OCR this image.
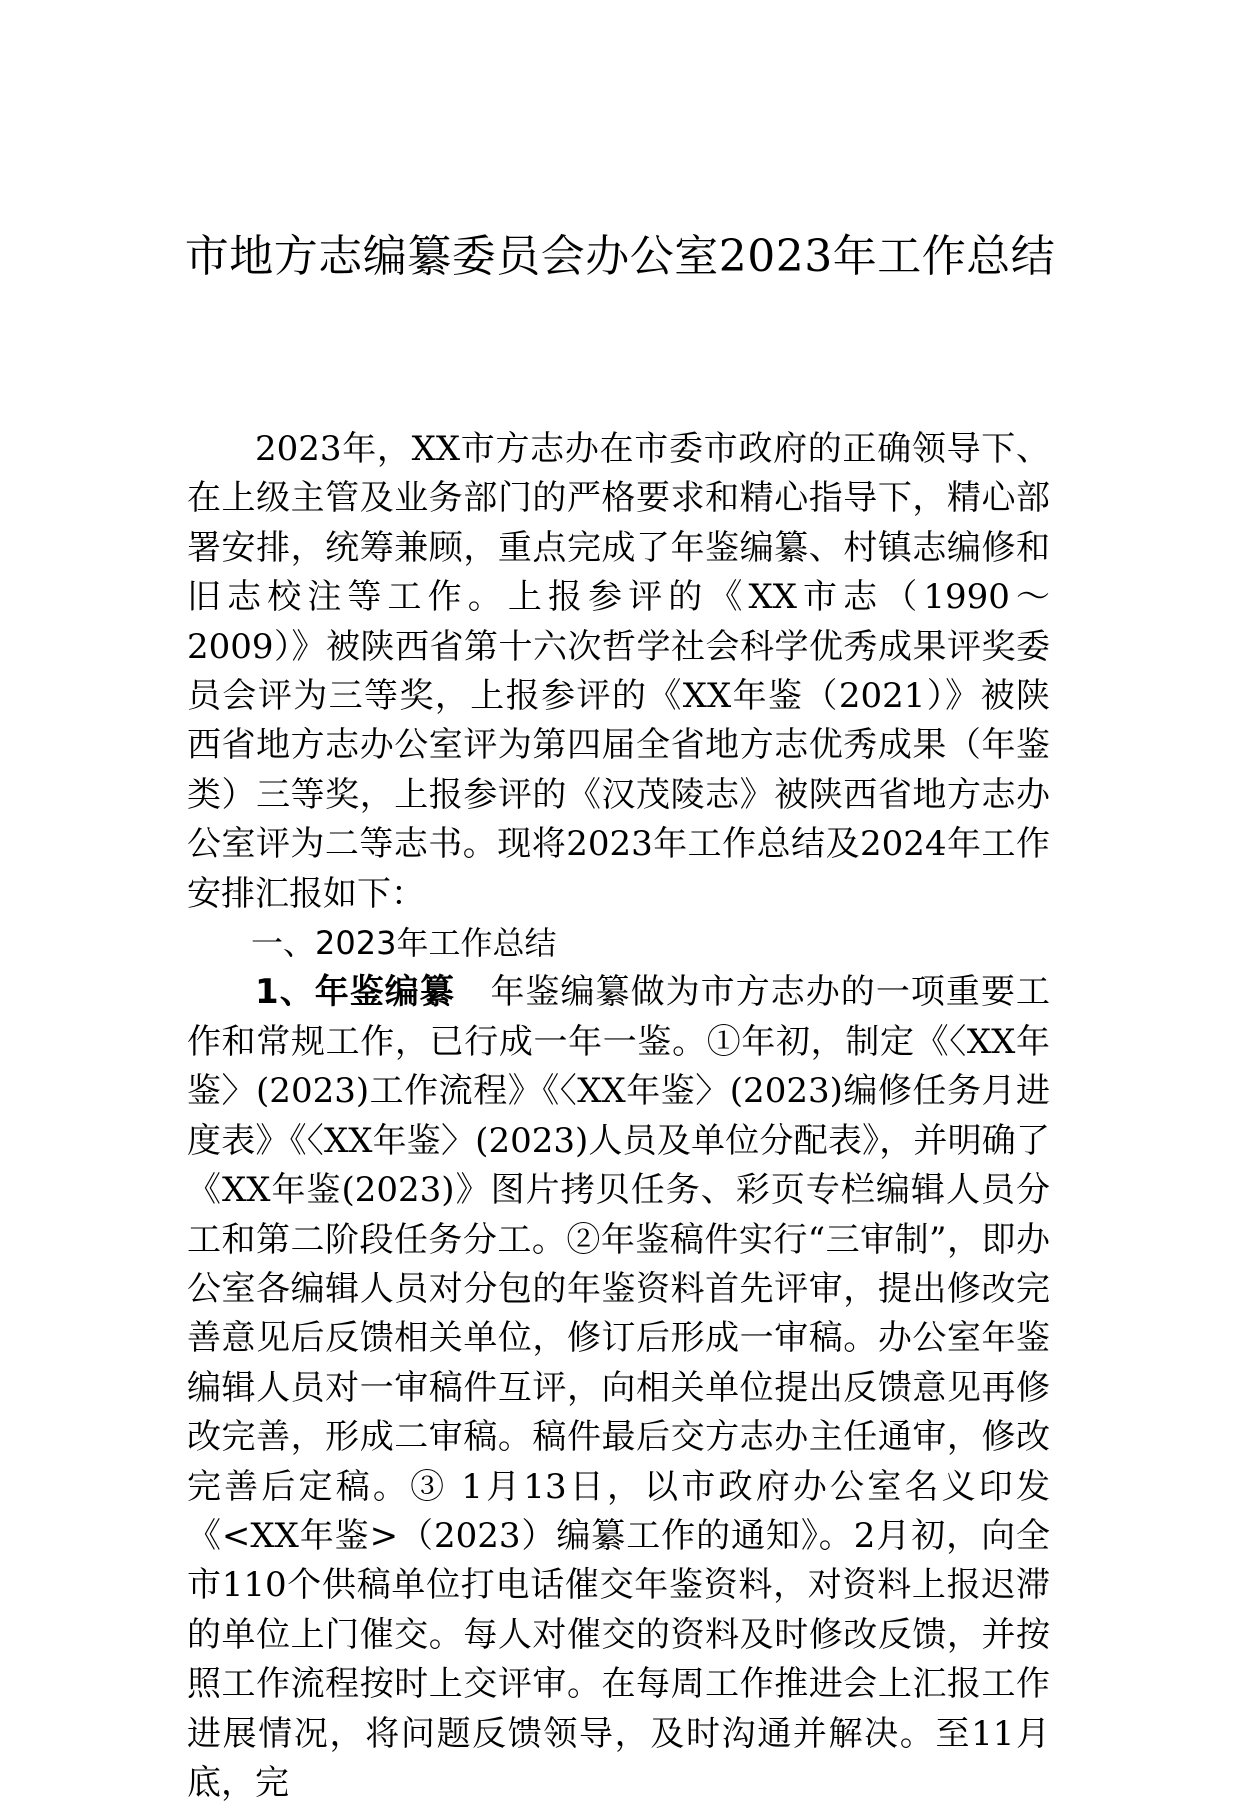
市地方志编纂委员会办公室2023年工作总结

2023年，XX市方志办在市委市政府的正确领导下、在上级主管及业务部门的严格要求和精心指导下，精心部署安排，统筹兼顾，重点完成了年鉴编纂、村镇志编修和旧志校注等工作。上报参评的《XX市志（1990～2009）》被陕西省第十六次哲学社会科学优秀成果评奖委员会评为三等奖，上报参评的《XX年鉴（2021）》被陕西省地方志办公室评为第四届全省地方志优秀成果（年鉴类）三等奖，上报参评的《汉茂陵志》被陕西省地方志办公室评为二等志书。现将2023年工作总结及2024年工作安排汇报如下：

一、2023年工作总结

1、年鉴编纂 年鉴编纂做为市方志办的一项重要工作和常规工作，已行成一年一鉴。①年初，制定《〈XX年鉴〉(2023)工作流程》《〈XX年鉴〉(2023)编修任务月进度表》《〈XX年鉴〉(2023)人员及单位分配表》，并明确了《XX年鉴(2023)》图片拷贝任务、彩页专栏编辑人员分工和第二阶段任务分工。②年鉴稿件实行“三审制”，即办公室各编辑人员对分包的年鉴资料首先评审，提出修改完善意见后反馈相关单位，修订后形成一审稿。办公室年鉴编辑人员对一审稿件互评，向相关单位提出反馈意见再修改完善，形成二审稿。稿件最后交方志办主任通审，修改完善后定稿。③ 1月13日，以市政府办公室名义印发《<XX年鉴>（2023）编纂工作的通知》。2月初，向全市110个供稿单位打电话催交年鉴资料，对资料上报迟滞的单位上门催交。每人对催交的资料及时修改反馈，并按照工作流程按时上交评审。在每周工作推进会上汇报工作进展情况，将问题反馈领导，及时沟通并解决。至11月底，完
